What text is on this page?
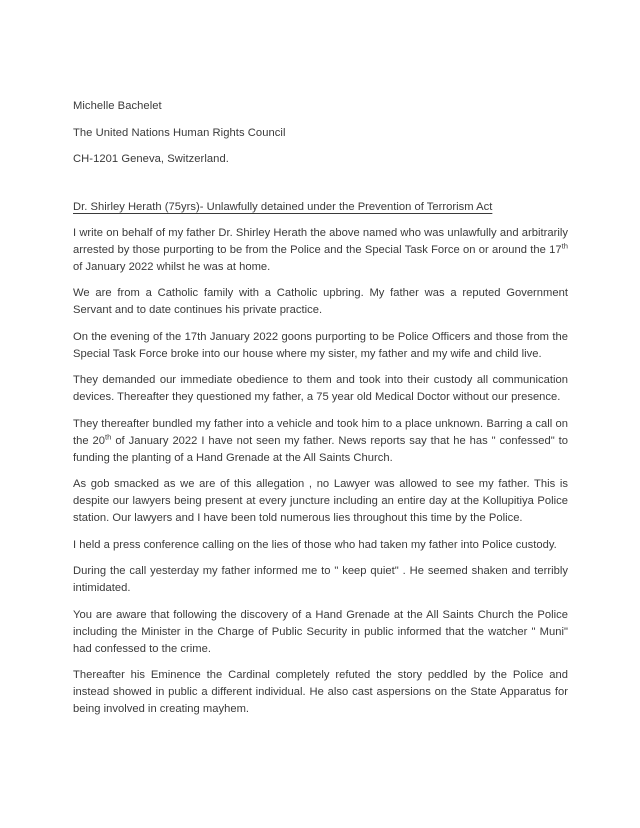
Michelle Bachelet
The United Nations Human Rights Council
CH-1201 Geneva, Switzerland.
Dr. Shirley Herath (75yrs)- Unlawfully detained under the Prevention of Terrorism Act

I write on behalf of my father Dr. Shirley Herath the above named who was unlawfully and arbitrarily arrested by those purporting to be from the Police and the Special Task Force on or around the 17th of January 2022 whilst he was at home.

We are from a Catholic family with a Catholic upbring. My father was a reputed Government Servant and to date continues his private practice.

On the evening of the 17th January 2022 goons purporting to be Police Officers and those from the Special Task Force broke into our house where my sister, my father and my wife and child live.

They demanded our immediate obedience to them and took into their custody all communication devices. Thereafter they questioned my father, a 75 year old Medical Doctor without our presence.

They thereafter bundled my father into a vehicle and took him to a place unknown. Barring a call on the 20th of January 2022 I have not seen my father. News reports say that he has " confessed" to funding the planting of a Hand Grenade at the All Saints Church.

As gob smacked as we are of this allegation , no Lawyer was allowed to see my father. This is despite our lawyers being present at every juncture including an entire day at the Kollupitiya Police station. Our lawyers and I have been told numerous lies throughout this time by the Police.

I held a press conference calling on the lies of those who had taken my father into Police custody.

During the call yesterday my father informed me to " keep quiet" . He seemed shaken and terribly intimidated.

You are aware that following the discovery of a Hand Grenade at the All Saints Church the Police including the Minister in the Charge of Public Security in public informed that the watcher " Muni" had confessed to the crime.

Thereafter his Eminence the Cardinal completely refuted the story peddled by the Police and instead showed in public a different individual. He also cast aspersions on the State Apparatus for being involved in creating mayhem.
